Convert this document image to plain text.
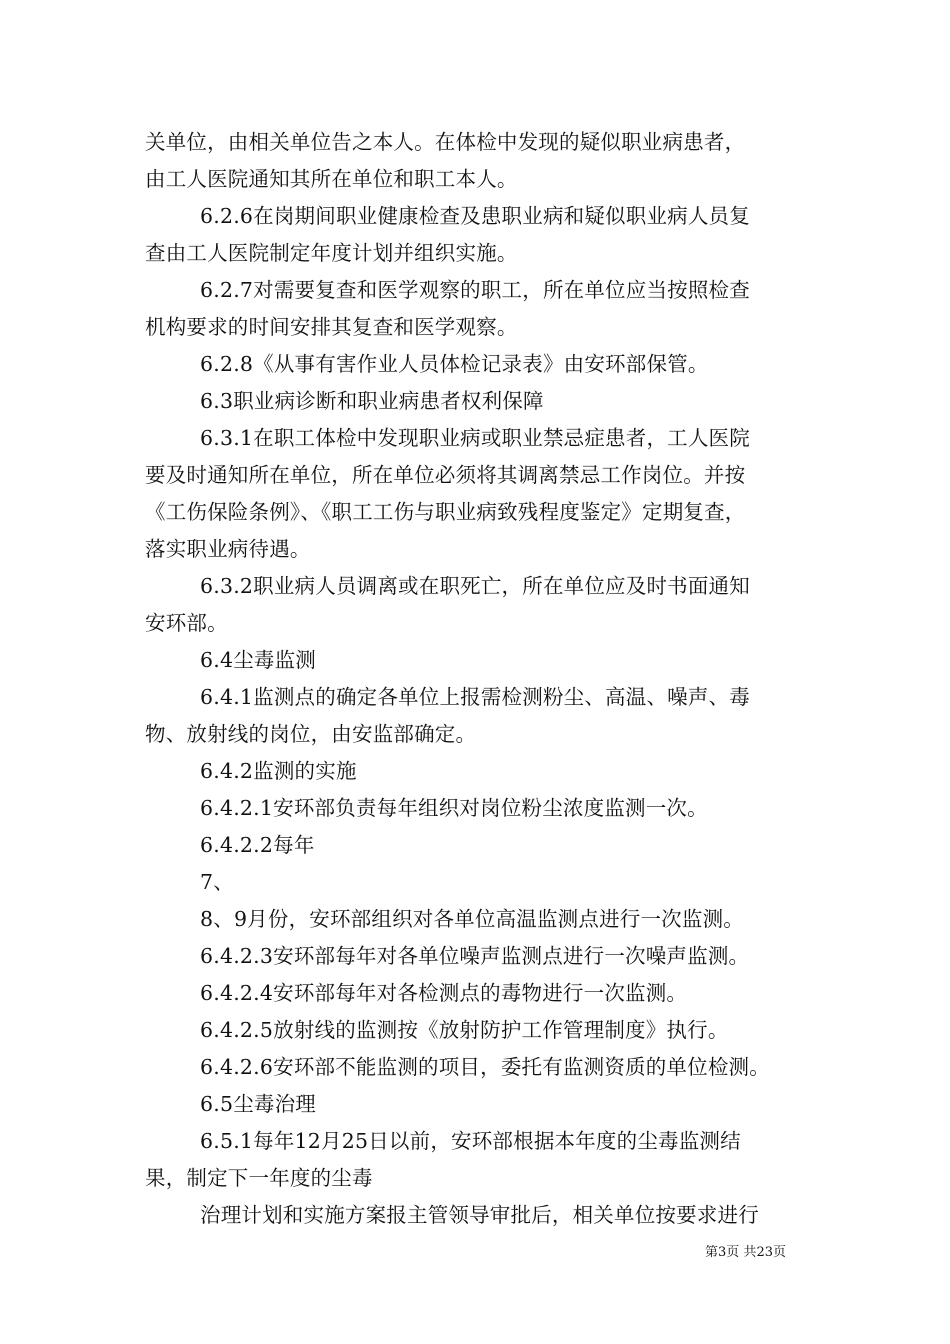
关单位，由相关单位告之本人。在体检中发现的疑似职业病患者，
由工人医院通知其所在单位和职工本人。
6.2.6在岗期间职业健康检查及患职业病和疑似职业病人员复
查由工人医院制定年度计划并组织实施。
6.2.7对需要复查和医学观察的职工，所在单位应当按照检查
机构要求的时间安排其复查和医学观察。
6.2.8《从事有害作业人员体检记录表》由安环部保管。
6.3职业病诊断和职业病患者权利保障
6.3.1在职工体检中发现职业病或职业禁忌症患者，工人医院
要及时通知所在单位，所在单位必须将其调离禁忌工作岗位。并按
《工伤保险条例》、《职工工伤与职业病致残程度鉴定》定期复查，
落实职业病待遇。
6.3.2职业病人员调离或在职死亡，所在单位应及时书面通知
安环部。
6.4尘毒监测
6.4.1监测点的确定各单位上报需检测粉尘、高温、噪声、毒
物、放射线的岗位，由安监部确定。
6.4.2监测的实施
6.4.2.1安环部负责每年组织对岗位粉尘浓度监测一次。
6.4.2.2每年
7、
8、9月份，安环部组织对各单位高温监测点进行一次监测。
6.4.2.3安环部每年对各单位噪声监测点进行一次噪声监测。
6.4.2.4安环部每年对各检测点的毒物进行一次监测。
6.4.2.5放射线的监测按《放射防护工作管理制度》执行。
6.4.2.6安环部不能监测的项目，委托有监测资质的单位检测。
6.5尘毒治理
6.5.1每年12月25日以前，安环部根据本年度的尘毒监测结
果，制定下一年度的尘毒
治理计划和实施方案报主管领导审批后，相关单位按要求进行
第3页 共23页
